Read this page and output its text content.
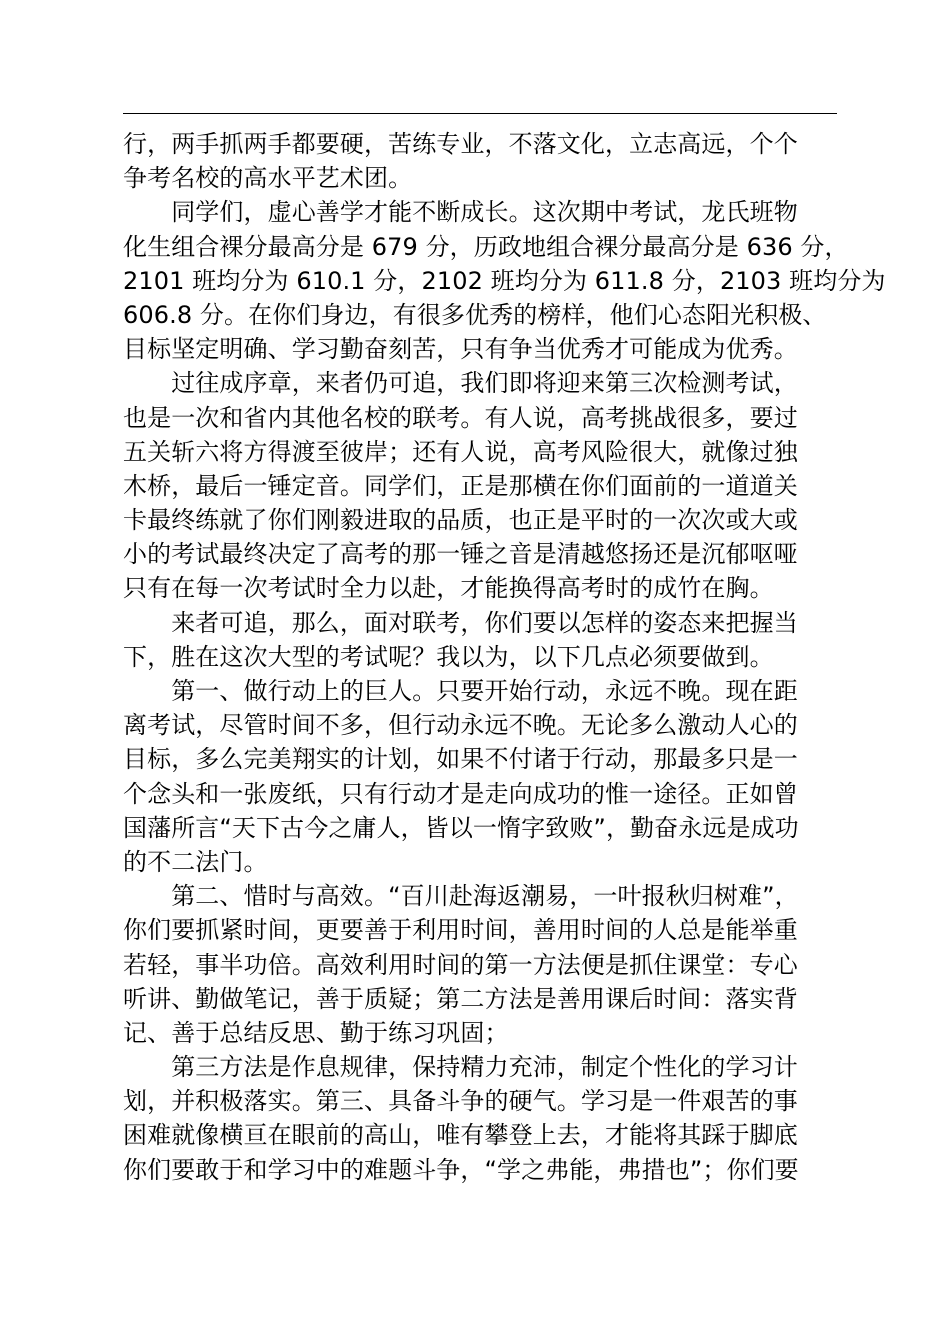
行，两手抓两手都要硬，苦练专业，不落文化，立志高远，个个
争考名校的高水平艺术团。
　　同学们，虚心善学才能不断成长。这次期中考试，龙氏班物
化生组合裸分最高分是 679 分，历政地组合裸分最高分是 636 分，
2101 班均分为 610.1 分，2102 班均分为 611.8 分，2103 班均分为
606.8 分。在你们身边，有很多优秀的榜样，他们心态阳光积极、
目标坚定明确、学习勤奋刻苦，只有争当优秀才可能成为优秀。
　　过往成序章，来者仍可追，我们即将迎来第三次检测考试，
也是一次和省内其他名校的联考。有人说，高考挑战很多，要过
五关斩六将方得渡至彼岸；还有人说，高考风险很大，就像过独
木桥，最后一锤定音。同学们，正是那横在你们面前的一道道关
卡最终练就了你们刚毅进取的品质，也正是平时的一次次或大或
小的考试最终决定了高考的那一锤之音是清越悠扬还是沉郁呕哑
只有在每一次考试时全力以赴，才能换得高考时的成竹在胸。
　　来者可追，那么，面对联考，你们要以怎样的姿态来把握当
下，胜在这次大型的考试呢？我以为，以下几点必须要做到。
　　第一、做行动上的巨人。只要开始行动，永远不晚。现在距
离考试，尽管时间不多，但行动永远不晚。无论多么激动人心的
目标，多么完美翔实的计划，如果不付诸于行动，那最多只是一
个念头和一张废纸，只有行动才是走向成功的惟一途径。正如曾
国藩所言“天下古今之庸人，皆以一惰字致败”，勤奋永远是成功
的不二法门。
　　第二、惜时与高效。“百川赴海返潮易，一叶报秋归树难”，
你们要抓紧时间，更要善于利用时间，善用时间的人总是能举重
若轻，事半功倍。高效利用时间的第一方法便是抓住课堂：专心
听讲、勤做笔记，善于质疑；第二方法是善用课后时间：落实背
记、善于总结反思、勤于练习巩固；
　　第三方法是作息规律，保持精力充沛，制定个性化的学习计
划，并积极落实。第三、具备斗争的硬气。学习是一件艰苦的事
困难就像横亘在眼前的高山，唯有攀登上去，才能将其踩于脚底
你们要敢于和学习中的难题斗争，“学之弗能，弗措也”；你们要
